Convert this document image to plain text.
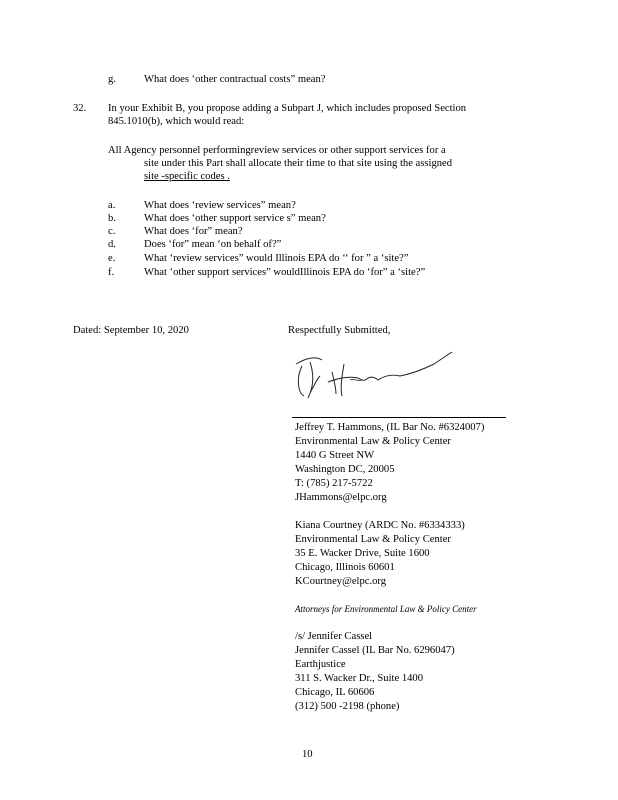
g.	What does ‘other contractual costs” mean?
32. In your Exhibit B, you propose adding a Subpart J, which includes proposed Section
845.1010(b), which would read:
All Agency personnel performingreview services or other support services for a
site under this Part shall allocate their time to that site using the assigned
site -specific codes .
a.	What does ‘review services” mean?
b.	What does ‘other support service s” mean?
c.	What does ‘for” mean?
d.	Does ‘for” mean ‘on behalf of?”
e.	What ‘review services” would Illinois EPA do ‘‘ for ” a ‘site?”
f.	What ‘other support services” wouldIllinois EPA do ‘for” a ‘site?”
Dated: September 10, 2020	Respectfully Submitted,
Jeffrey T. Hammons, (IL Bar No. #6324007)
Environmental Law & Policy Center
1440 G Street NW
Washington DC, 20005
T: (785) 217-5722
JHammons@elpc.org
Kiana Courtney (ARDC No. #6334333)
Environmental Law & Policy Center
35 E. Wacker Drive, Suite 1600
Chicago, Illinois 60601
KCourtney@elpc.org
Attorneys for Environmental Law & Policy Center
/s/ Jennifer Cassel
Jennifer Cassel (IL Bar No. 6296047)
Earthjustice
311 S. Wacker Dr., Suite 1400
Chicago, IL 60606
(312) 500 -2198 (phone)
10
